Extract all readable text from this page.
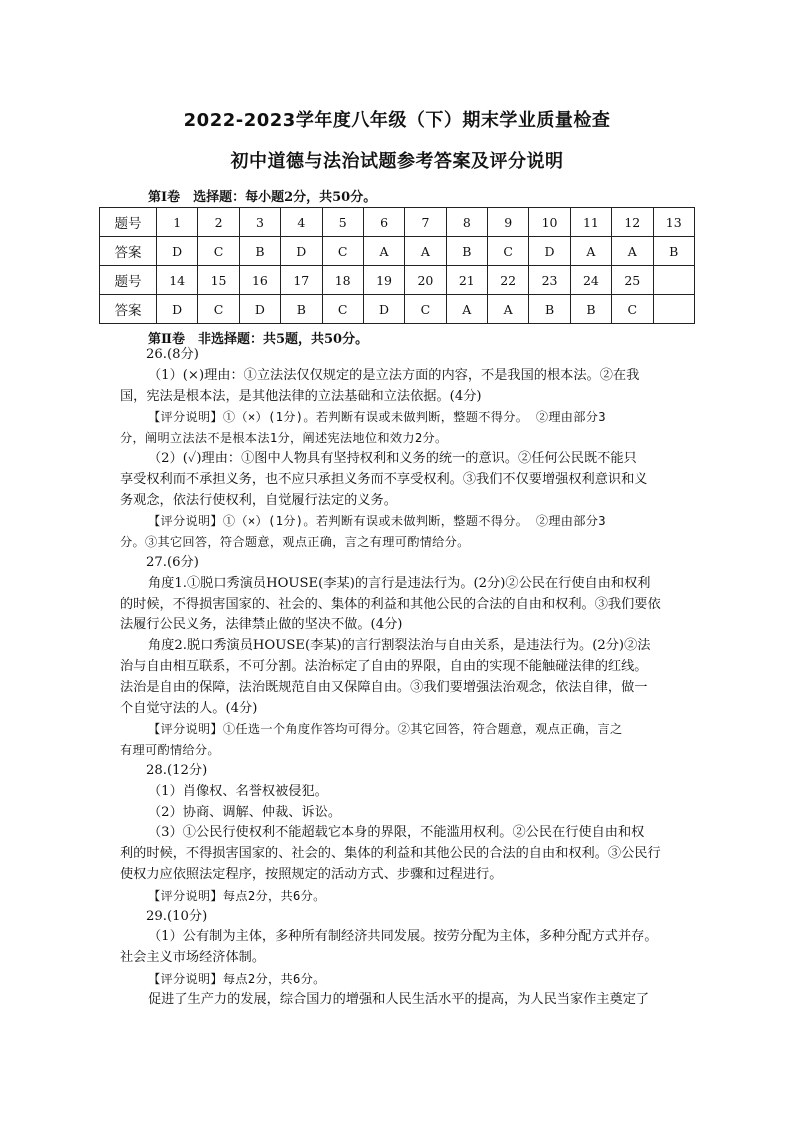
2022-2023学年度八年级（下）期末学业质量检查
初中道德与法治试题参考答案及评分说明
第Ⅰ卷　选择题：每小题2分，共50分。
题号	1	2	3	4	5	6	7	8	9	10	11	12	13
答案	D	C	B	D	C	A	A	B	C	D	A	A	B
题号	14	15	16	17	18	19	20	21	22	23	24	25	
答案	D	C	D	B	C	D	C	A	A	B	B	C	
第Ⅱ卷　非选择题：共5题，共50分。

26.(8分)

（1）(×)理由：①立法法仅仅规定的是立法方面的内容，不是我国的根本法。②在我

国，宪法是根本法，是其他法律的立法基础和立法依据。(4分)

【评分说明】①（×）(1分)。若判断有误或未做判断，整题不得分。 ②理由部分3

分，阐明立法法不是根本法1分，阐述宪法地位和效力2分。

（2）(✓)理由：①图中人物具有坚持权利和义务的统一的意识。②任何公民既不能只

享受权利而不承担义务，也不应只承担义务而不享受权利。③我们不仅要增强权利意识和义

务观念，依法行使权利，自觉履行法定的义务。

【评分说明】①（×）(1分)。若判断有误或未做判断，整题不得分。 ②理由部分3

分。③其它回答，符合题意，观点正确，言之有理可酌情给分。

27.(6分)

角度1.①脱口秀演员HOUSE(李某)的言行是违法行为。(2分)②公民在行使自由和权利

的时候，不得损害国家的、社会的、集体的利益和其他公民的合法的自由和权利。③我们要依

法履行公民义务，法律禁止做的坚决不做。(4分)

角度2.脱口秀演员HOUSE(李某)的言行割裂法治与自由关系，是违法行为。(2分)②法

治与自由相互联系，不可分割。法治标定了自由的界限，自由的实现不能触碰法律的红线。

法治是自由的保障，法治既规范自由又保障自由。③我们要增强法治观念，依法自律，做一

个自觉守法的人。(4分)

【评分说明】①任选一个角度作答均可得分。②其它回答，符合题意，观点正确，言之

有理可酌情给分。

28.(12分)

（1）肖像权、名誉权被侵犯。

（2）协商、调解、仲裁、诉讼。

（3）①公民行使权利不能超载它本身的界限，不能滥用权利。②公民在行使自由和权

利的时候，不得损害国家的、社会的、集体的利益和其他公民的合法的自由和权利。③公民行

使权力应依照法定程序，按照规定的活动方式、步骤和过程进行。

【评分说明】每点2分，共6分。

29.(10分)

（1）公有制为主体，多种所有制经济共同发展。按劳分配为主体，多种分配方式并存。

社会主义市场经济体制。

【评分说明】每点2分，共6分。

促进了生产力的发展，综合国力的增强和人民生活水平的提高，为人民当家作主奠定了
